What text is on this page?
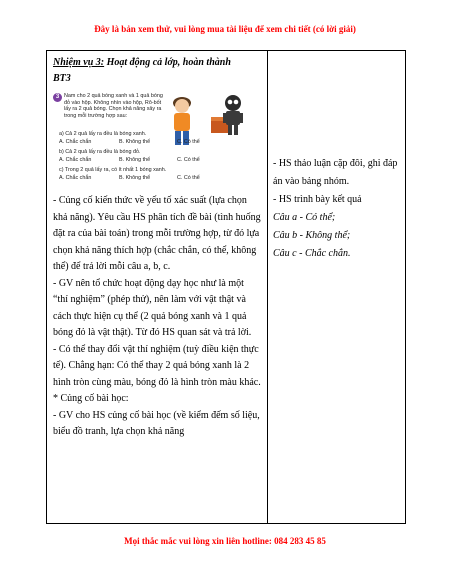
Đây là bản xem thử, vui lòng mua tài liệu để xem chi tiết (có lời giải)

Nhiệm vụ 3: Hoạt động cả lớp, hoàn thành
BT3

3 Nam cho 2 quả bóng xanh và 1 quả bóng đỏ vào hộp. Không nhìn vào hộp, Rô-bốt lấy ra 2 quả bóng. Chọn khả năng xảy ra trong mỗi trường hợp sau:
a) Cả 2 quả lấy ra đều là bóng xanh.
A. Chắc chắn	B. Không thể	C. Có thể
b) Cả 2 quả lấy ra đều là bóng đỏ.
A. Chắc chắn	B. Không thể	C. Có thể
c) Trong 2 quả lấy ra, có ít nhất 1 bóng xanh.
A. Chắc chắn	B. Không thể	C. Có thể

- Củng cố kiến thức về yếu tố xác suất (lựa chọn khả năng). Yêu cầu HS phân tích đề bài (tình huống đặt ra của bài toán) trong mỗi trường hợp, từ đó lựa chọn khả năng thích hợp (chắc chắn, có thể, không thể) để trả lời mỗi câu a, b, c.

- GV nên tổ chức hoạt động dạy học như là một “thí nghiệm” (phép thử), nên làm với vật thật và cách thực hiện cụ thể (2 quả bóng xanh và 1 quả bóng đỏ là vật thật). Từ đó HS quan sát và trả lời.

- Có thể thay đổi vật thí nghiệm (tuỳ điều kiện thực tế). Chẳng hạn: Có thể thay 2 quả bóng xanh là 2 hình tròn cùng màu, bóng đỏ là hình tròn màu khác.

* Củng cố bài học:

- GV cho HS củng cố bài học (về kiểm đếm số liệu, biểu đồ tranh, lựa chọn khả năng

- HS thảo luận cặp đôi, ghi đáp án vào bảng nhóm.

- HS trình bày kết quả

Câu a - Có thể;

Câu b - Không thể;

Câu c - Chắc chắn.

Mọi thắc mắc vui lòng xin liên hotline: 084 283 45 85
